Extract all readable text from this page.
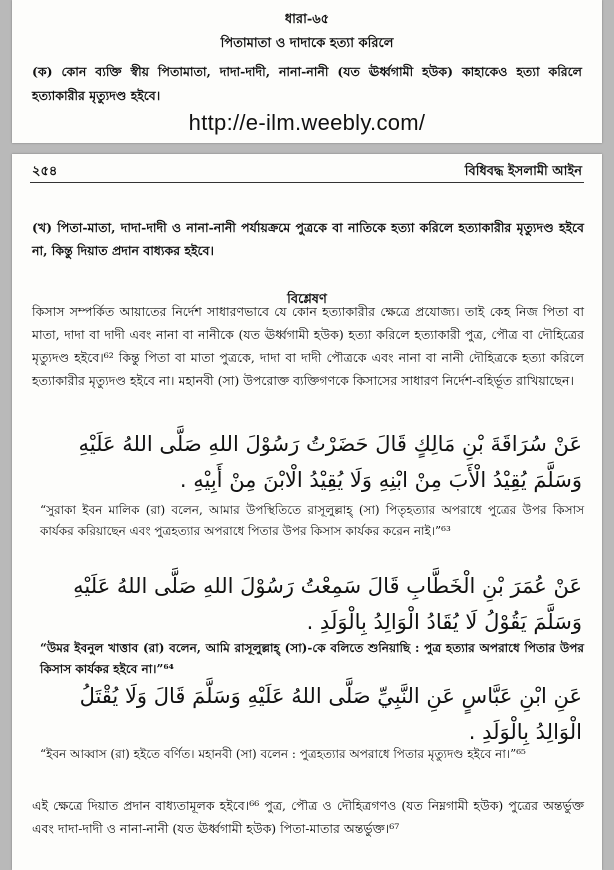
ধারা-৬৫
পিতামাতা ও দাদাকে হত্যা করিলে
(ক) কোন ব্যক্তি স্বীয় পিতামাতা, দাদা-দাদী, নানা-নানী (যত ঊর্ধ্বগামী হউক) কাহাকেও হত্যা করিলে হত্যাকারীর মৃত্যুদণ্ড হইবে।
http://e-ilm.weebly.com/
২৫৪	বিধিবদ্ধ ইসলামী আইন
(খ) পিতা-মাতা, দাদা-দাদী ও নানা-নানী পর্যায়ক্রমে পুত্রকে বা নাতিকে হত্যা করিলে হত্যাকারীর মৃত্যুদণ্ড হইবে না, কিন্তু দিয়াত প্রদান বাধ্যকর হইবে।
বিশ্লেষণ
কিসাস সম্পর্কিত আয়াতের নির্দেশ সাধারণভাবে যে কোন হত্যাকারীর ক্ষেত্রে প্রযোজ্য। তাই কেহ নিজ পিতা বা মাতা, দাদা বা দাদী এবং নানা বা নানীকে (যত ঊর্ধ্বগামী হউক) হত্যা করিলে হত্যাকারী পুত্র, পৌত্র বা দৌহিত্রের মৃত্যুদণ্ড হইবে।⁶² কিন্তু পিতা বা মাতা পুত্রকে, দাদা বা দাদী পৌত্রকে এবং নানা বা নানী দৌহিত্রকে হত্যা করিলে হত্যাকারীর মৃত্যুদণ্ড হইবে না। মহানবী (সা) উপরোক্ত ব্যক্তিগণকে কিসাসের সাধারণ নির্দেশ-বহির্ভূত রাখিয়াছেন।
عَنْ سُرَاقَةَ بْنِ مَالِكٍ قَالَ حَضَرْتُ رَسُوْلَ اللهِ صَلَّى اللهُ عَلَيْهِ وَسَلَّمَ يُقِيْدُ الْأَبَ مِنْ ابْنِهِ وَلَا يُقِيْدُ الْابْنَ مِنْ أَبِيْهِ .
“সুরাকা ইবন মালিক (রা) বলেন, আমার উপস্থিতিতে রাসূলুল্লাহ্ (সা) পিতৃহত্যার অপরাধে পুত্রের উপর কিসাস কার্যকর করিয়াছেন এবং পুত্রহত্যার অপরাধে পিতার উপর কিসাস কার্যকর করেন নাই।”⁶³
عَنْ عُمَرَ بْنِ الْخَطَّابِ قَالَ سَمِعْتُ رَسُوْلَ اللهِ صَلَّى اللهُ عَلَيْهِ وَسَلَّمَ يَقُوْلُ لَا يُقَادُ الْوَالِدُ بِالْوَلَدِ .
“উমর ইবনুল খাত্তাব (রা) বলেন, আমি রাসূলুল্লাহ্ (সা)-কে বলিতে শুনিয়াছি : পুত্র হত্যার অপরাধে পিতার উপর কিসাস কার্যকর হইবে না।”⁶⁴
عَنِ ابْنِ عَبَّاسٍ عَنِ النَّبِيِّ صَلَّى اللهُ عَلَيْهِ وَسَلَّمَ قَالَ وَلَا يُقْتَلُ الْوَالِدُ بِالْوَلَدِ .
“ইবন আব্বাস (রা) হইতে বর্ণিত। মহানবী (সা) বলেন : পুত্রহত্যার অপরাধে পিতার মৃত্যুদণ্ড হইবে না।”⁶⁵
এই ক্ষেত্রে দিয়াত প্রদান বাধ্যতামূলক হইবে।⁶⁶ পুত্র, পৌত্র ও দৌহিত্রগণও (যত নিম্নগামী হউক) পুত্রের অন্তর্ভুক্ত এবং দাদা-দাদী ও নানা-নানী (যত ঊর্ধ্বগামী হউক) পিতা-মাতার অন্তর্ভুক্ত।⁶⁷
